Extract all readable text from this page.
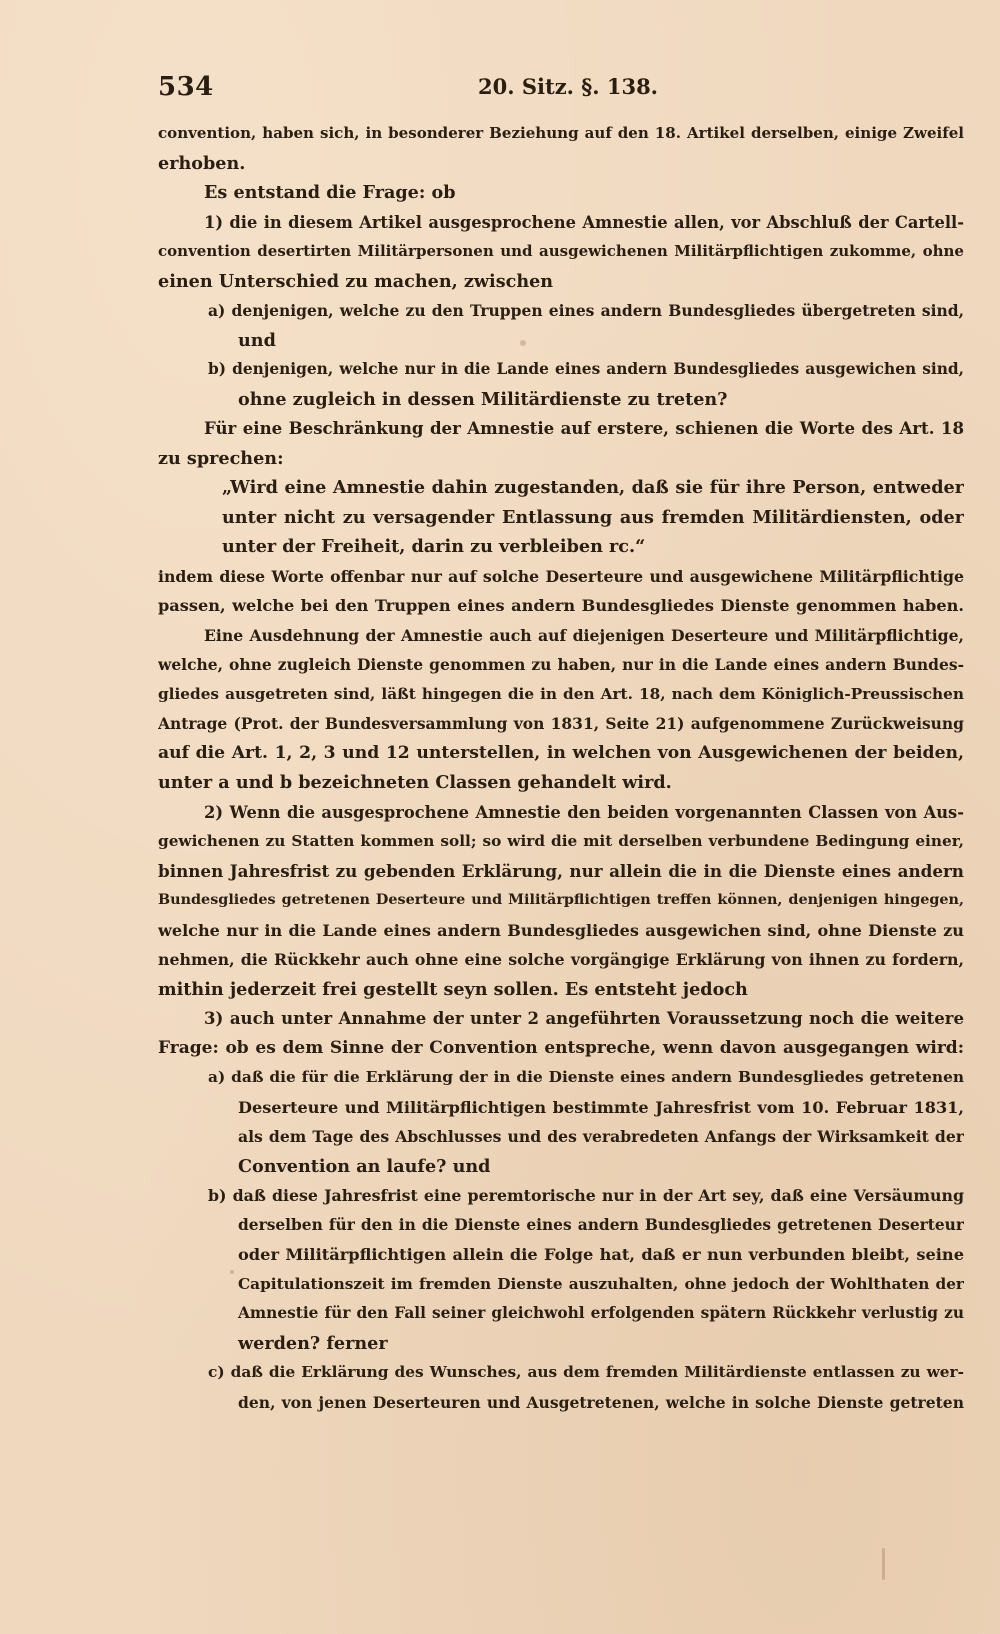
534	20. Sitz. §. 138.
convention, haben sich, in besonderer Beziehung auf den 18. Artikel derselben, einige Zweifel
erhoben.
Es entstand die Frage: ob
1) die in diesem Artikel ausgesprochene Amnestie allen, vor Abschluß der Cartell-
convention desertirten Militärpersonen und ausgewichenen Militärpflichtigen zukomme, ohne
einen Unterschied zu machen, zwischen
a) denjenigen, welche zu den Truppen eines andern Bundesgliedes übergetreten sind,
und
b) denjenigen, welche nur in die Lande eines andern Bundesgliedes ausgewichen sind,
ohne zugleich in dessen Militärdienste zu treten?
Für eine Beschränkung der Amnestie auf erstere, schienen die Worte des Art. 18
zu sprechen:
„Wird eine Amnestie dahin zugestanden, daß sie für ihre Person, entweder
unter nicht zu versagender Entlassung aus fremden Militärdiensten, oder
unter der Freiheit, darin zu verbleiben rc.“
indem diese Worte offenbar nur auf solche Deserteure und ausgewichene Militärpflichtige
passen, welche bei den Truppen eines andern Bundesgliedes Dienste genommen haben.
Eine Ausdehnung der Amnestie auch auf diejenigen Deserteure und Militärpflichtige,
welche, ohne zugleich Dienste genommen zu haben, nur in die Lande eines andern Bundes-
gliedes ausgetreten sind, läßt hingegen die in den Art. 18, nach dem Königlich-Preussischen
Antrage (Prot. der Bundesversammlung von 1831, Seite 21) aufgenommene Zurückweisung
auf die Art. 1, 2, 3 und 12 unterstellen, in welchen von Ausgewichenen der beiden,
unter a und b bezeichneten Classen gehandelt wird.
2) Wenn die ausgesprochene Amnestie den beiden vorgenannten Classen von Aus-
gewichenen zu Statten kommen soll; so wird die mit derselben verbundene Bedingung einer,
binnen Jahresfrist zu gebenden Erklärung, nur allein die in die Dienste eines andern
Bundesgliedes getretenen Deserteure und Militärpflichtigen treffen können, denjenigen hingegen,
welche nur in die Lande eines andern Bundesgliedes ausgewichen sind, ohne Dienste zu
nehmen, die Rückkehr auch ohne eine solche vorgängige Erklärung von ihnen zu fordern,
mithin jederzeit frei gestellt seyn sollen. Es entsteht jedoch
3) auch unter Annahme der unter 2 angeführten Voraussetzung noch die weitere
Frage: ob es dem Sinne der Convention entspreche, wenn davon ausgegangen wird:
a) daß die für die Erklärung der in die Dienste eines andern Bundesgliedes getretenen
Deserteure und Militärpflichtigen bestimmte Jahresfrist vom 10. Februar 1831,
als dem Tage des Abschlusses und des verabredeten Anfangs der Wirksamkeit der
Convention an laufe? und
b) daß diese Jahresfrist eine peremtorische nur in der Art sey, daß eine Versäumung
derselben für den in die Dienste eines andern Bundesgliedes getretenen Deserteur
oder Militärpflichtigen allein die Folge hat, daß er nun verbunden bleibt, seine
Capitulationszeit im fremden Dienste auszuhalten, ohne jedoch der Wohlthaten der
Amnestie für den Fall seiner gleichwohl erfolgenden spätern Rückkehr verlustig zu
werden? ferner
c) daß die Erklärung des Wunsches, aus dem fremden Militärdienste entlassen zu wer-
den, von jenen Deserteuren und Ausgetretenen, welche in solche Dienste getreten
